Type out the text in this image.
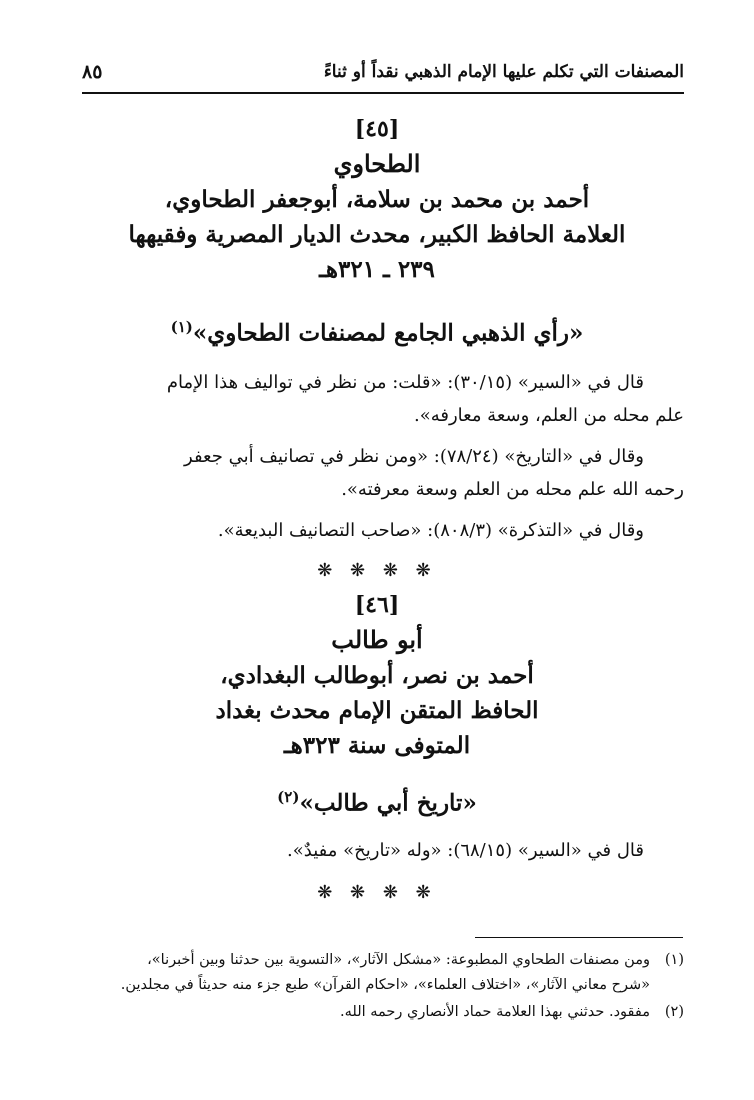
المصنفات التي تكلم عليها الإمام الذهبي نقداً أو ثناءً
٨٥
[٤٥]
الطحاوي
أحمد بن محمد بن سلامة، أبوجعفر الطحاوي،
العلامة الحافظ الكبير، محدث الديار المصرية وفقيهها
٢٣٩ ـ ٣٢١هـ
«رأي الذهبي الجامع لمصنفات الطحاوي»$^{(١)}$
قال في «السير» (٣٠/١٥): «قلت: من نظر في تواليف هذا الإمام
علم محله من العلم، وسعة معارفه».
وقال في «التاريخ» (٧٨/٢٤): «ومن نظر في تصانيف أبي جعفر
رحمه الله علم محله من العلم وسعة معرفته».
وقال في «التذكرة» (٨٠٨/٣): «صاحب التصانيف البديعة».
❋ ❋ ❋ ❋
[٤٦]
أبو طالب
أحمد بن نصر، أبوطالب البغدادي،
الحافظ المتقن الإمام محدث بغداد
المتوفى سنة ٣٢٣هـ
«تاريخ أبي طالب»$^{(٢)}$
قال في «السير» (٦٨/١٥): «وله «تاريخ» مفيدٌ».
❋ ❋ ❋ ❋
(١)
ومن مصنفات الطحاوي المطبوعة: «مشكل الآثار»، «التسوية بين حدثنا وبين أخبرنا»،
«شرح معاني الآثار»، «اختلاف العلماء»، «احكام القرآن» طبع جزء منه حديثاً في مجلدين.
(٢)
مفقود. حدثني بهذا العلامة حماد الأنصاري رحمه الله.
